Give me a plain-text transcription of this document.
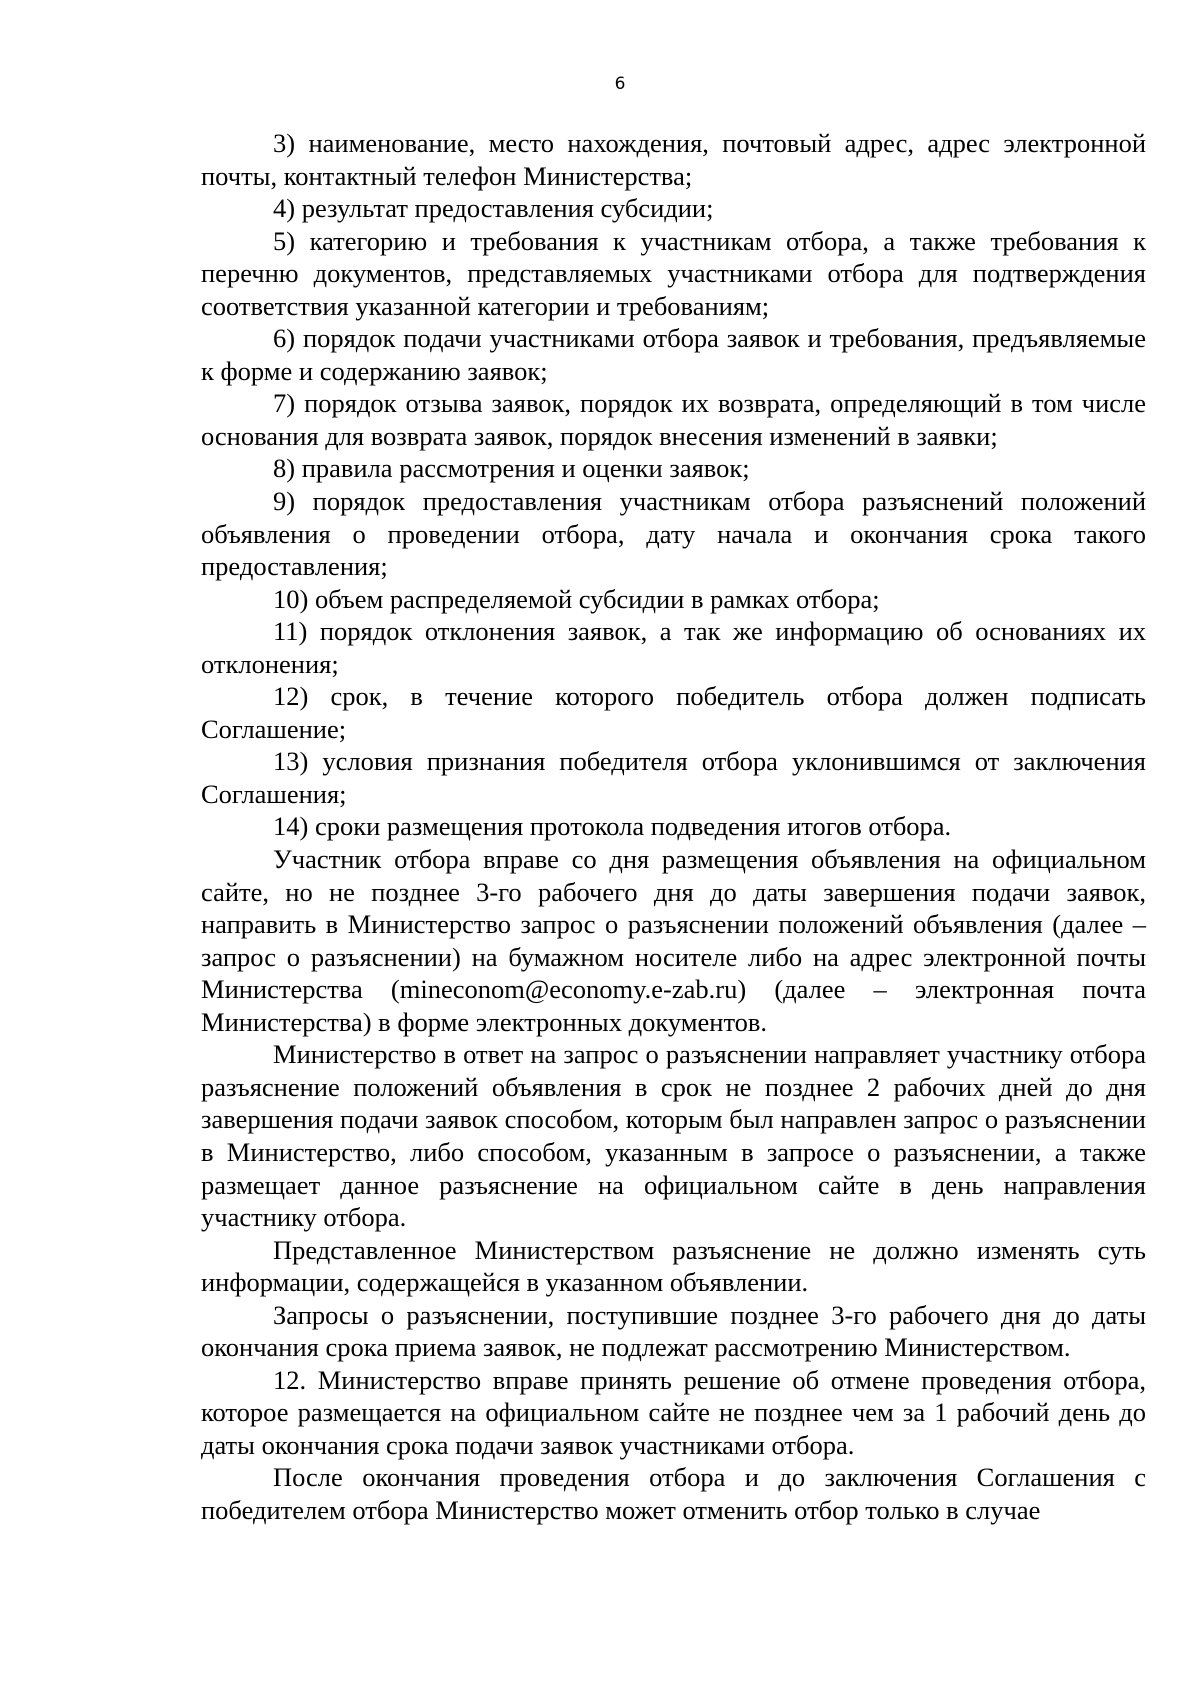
6

3) наименование, место нахождения, почтовый адрес, адрес электронной почты, контактный телефон Министерства;

4) результат предоставления субсидии;

5) категорию и требования к участникам отбора, а также требования к перечню документов, представляемых участниками отбора для подтверждения соответствия указанной категории и требованиям;

6) порядок подачи участниками отбора заявок и требования, предъявляемые к форме и содержанию заявок;

7) порядок отзыва заявок, порядок их возврата, определяющий в том числе основания для возврата заявок, порядок внесения изменений в заявки;

8) правила рассмотрения и оценки заявок;

9) порядок предоставления участникам отбора разъяснений положений объявления о проведении отбора, дату начала и окончания срока такого предоставления;

10) объем распределяемой субсидии в рамках отбора;

11) порядок отклонения заявок, а так же информацию об основаниях их отклонения;

12) срок, в течение которого победитель отбора должен подписать Соглашение;

13) условия признания победителя отбора уклонившимся от заключения Соглашения;

14) сроки размещения протокола подведения итогов отбора.

Участник отбора вправе со дня размещения объявления на официальном сайте, но не позднее 3-го рабочего дня до даты завершения подачи заявок, направить в Министерство запрос о разъяснении положений объявления (далее – запрос о разъяснении) на бумажном носителе либо на адрес электронной почты Министерства (mineconom@economy.e-zab.ru) (далее – электронная почта Министерства) в форме электронных документов.

Министерство в ответ на запрос о разъяснении направляет участнику отбора разъяснение положений объявления в срок не позднее 2 рабочих дней до дня завершения подачи заявок способом, которым был направлен запрос о разъяснении в Министерство, либо способом, указанным в запросе о разъяснении, а также размещает данное разъяснение на официальном сайте в день направления участнику отбора.

Представленное Министерством разъяснение не должно изменять суть информации, содержащейся в указанном объявлении.

Запросы о разъяснении, поступившие позднее 3-го рабочего дня до даты окончания срока приема заявок, не подлежат рассмотрению Министерством.

12. Министерство вправе принять решение об отмене проведения отбора, которое размещается на официальном сайте не позднее чем за 1 рабочий день до даты окончания срока подачи заявок участниками отбора.

После окончания проведения отбора и до заключения Соглашения с победителем отбора Министерство может отменить отбор только в случае
